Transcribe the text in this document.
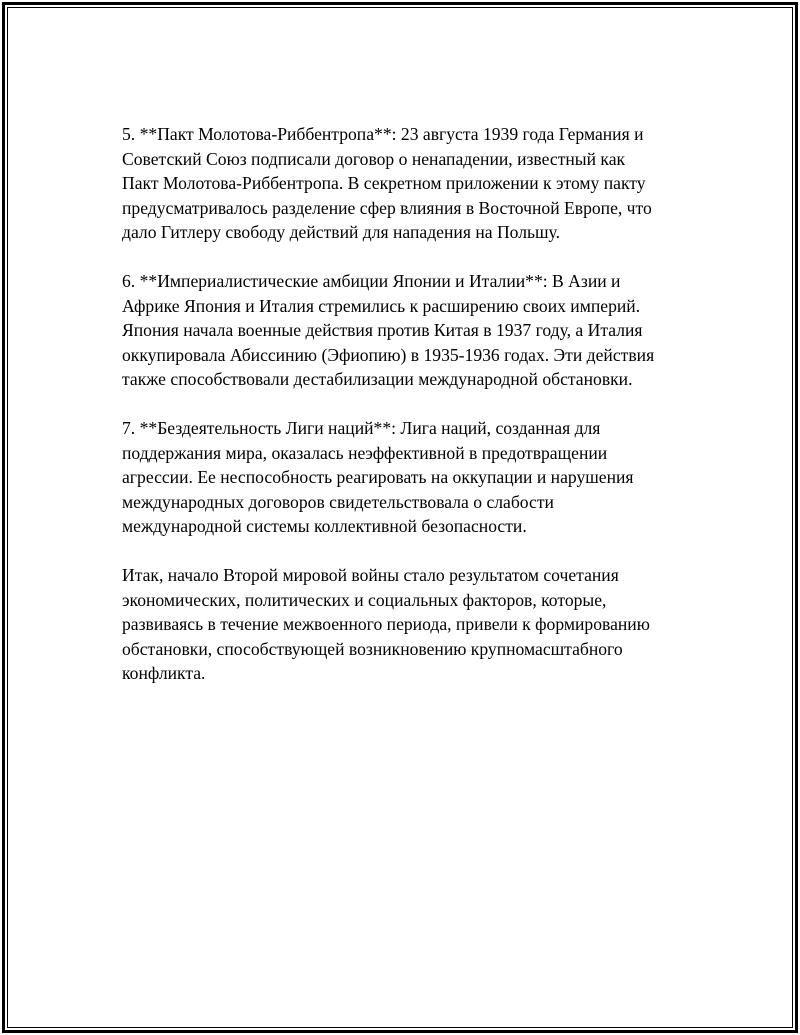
5. **Пакт Молотова-Риббентропа**: 23 августа 1939 года Германия и
Советский Союз подписали договор о ненападении, известный как
Пакт Молотова-Риббентропа. В секретном приложении к этому пакту
предусматривалось разделение сфер влияния в Восточной Европе, что
дало Гитлеру свободу действий для нападения на Польшу.

6. **Империалистические амбиции Японии и Италии**: В Азии и
Африке Япония и Италия стремились к расширению своих империй.
Япония начала военные действия против Китая в 1937 году, а Италия
оккупировала Абиссинию (Эфиопию) в 1935-1936 годах. Эти действия
также способствовали дестабилизации международной обстановки.

7. **Бездеятельность Лиги наций**: Лига наций, созданная для
поддержания мира, оказалась неэффективной в предотвращении
агрессии. Ее неспособность реагировать на оккупации и нарушения
международных договоров свидетельствовала о слабости
международной системы коллективной безопасности.

Итак, начало Второй мировой войны стало результатом сочетания
экономических, политических и социальных факторов, которые,
развиваясь в течение межвоенного периода, привели к формированию
обстановки, способствующей возникновению крупномасштабного
конфликта.
